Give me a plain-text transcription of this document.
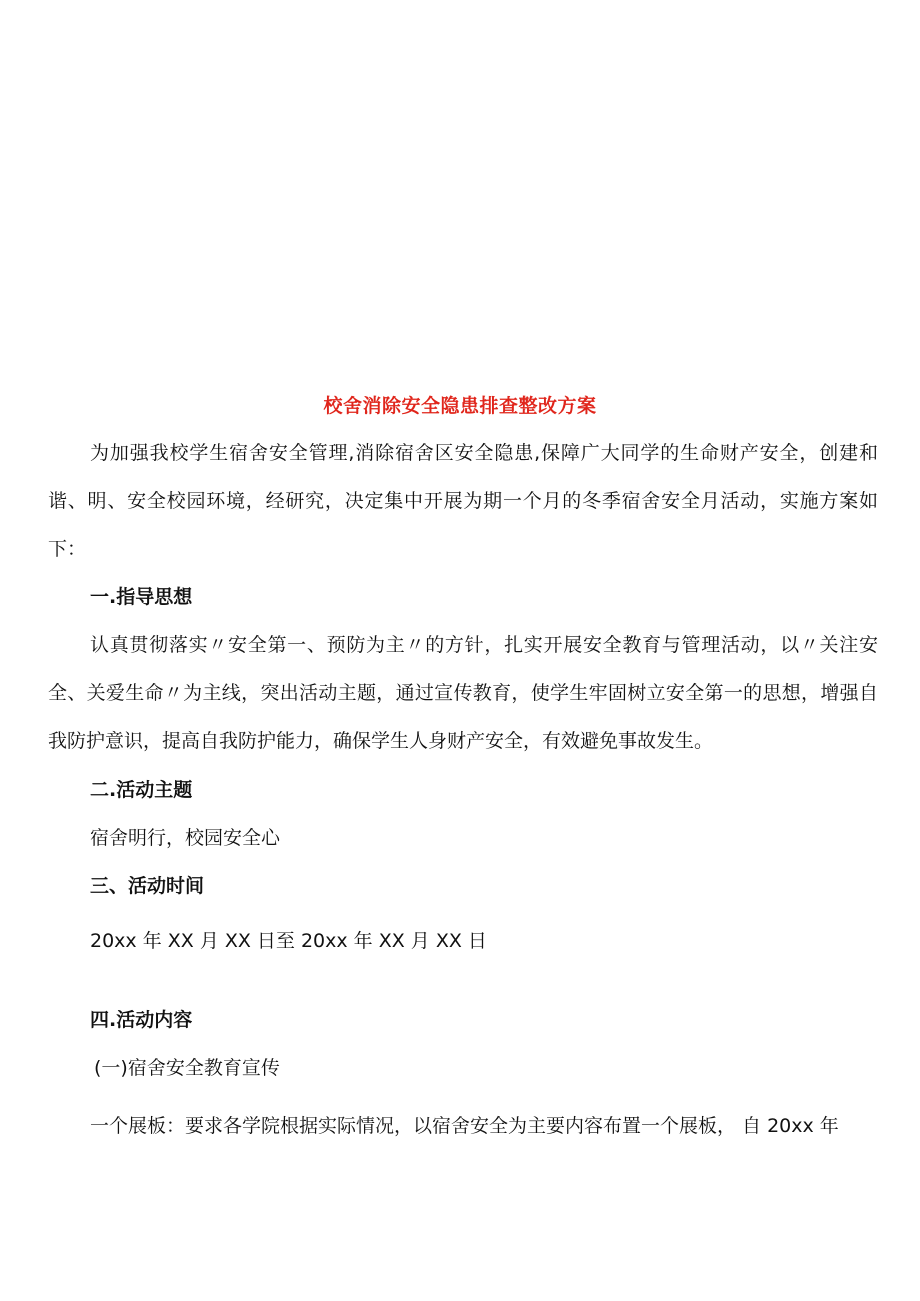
校舍消除安全隐患排查整改方案

为加强我校学生宿舍安全管理,消除宿舍区安全隐患,保障广大同学的生命财产安全，创建和谐、明、安全校园环境，经研究，决定集中开展为期一个月的冬季宿舍安全月活动，实施方案如下：

一.指导思想

认真贯彻落实〃安全第一、预防为主〃的方针，扎实开展安全教育与管理活动，以〃关注安全、关爱生命〃为主线，突出活动主题，通过宣传教育，使学生牢固树立安全第一的思想，增强自我防护意识，提高自我防护能力，确保学生人身财产安全，有效避免事故发生。

二.活动主题

宿舍明行，校园安全心

三、活动时间

20xx 年 XX 月 XX 日至 20xx 年 XX 月 XX 日

四.活动内容

(一)宿舍安全教育宣传

一个展板：要求各学院根据实际情况，以宿舍安全为主要内容布置一个展板， 自 20xx 年
